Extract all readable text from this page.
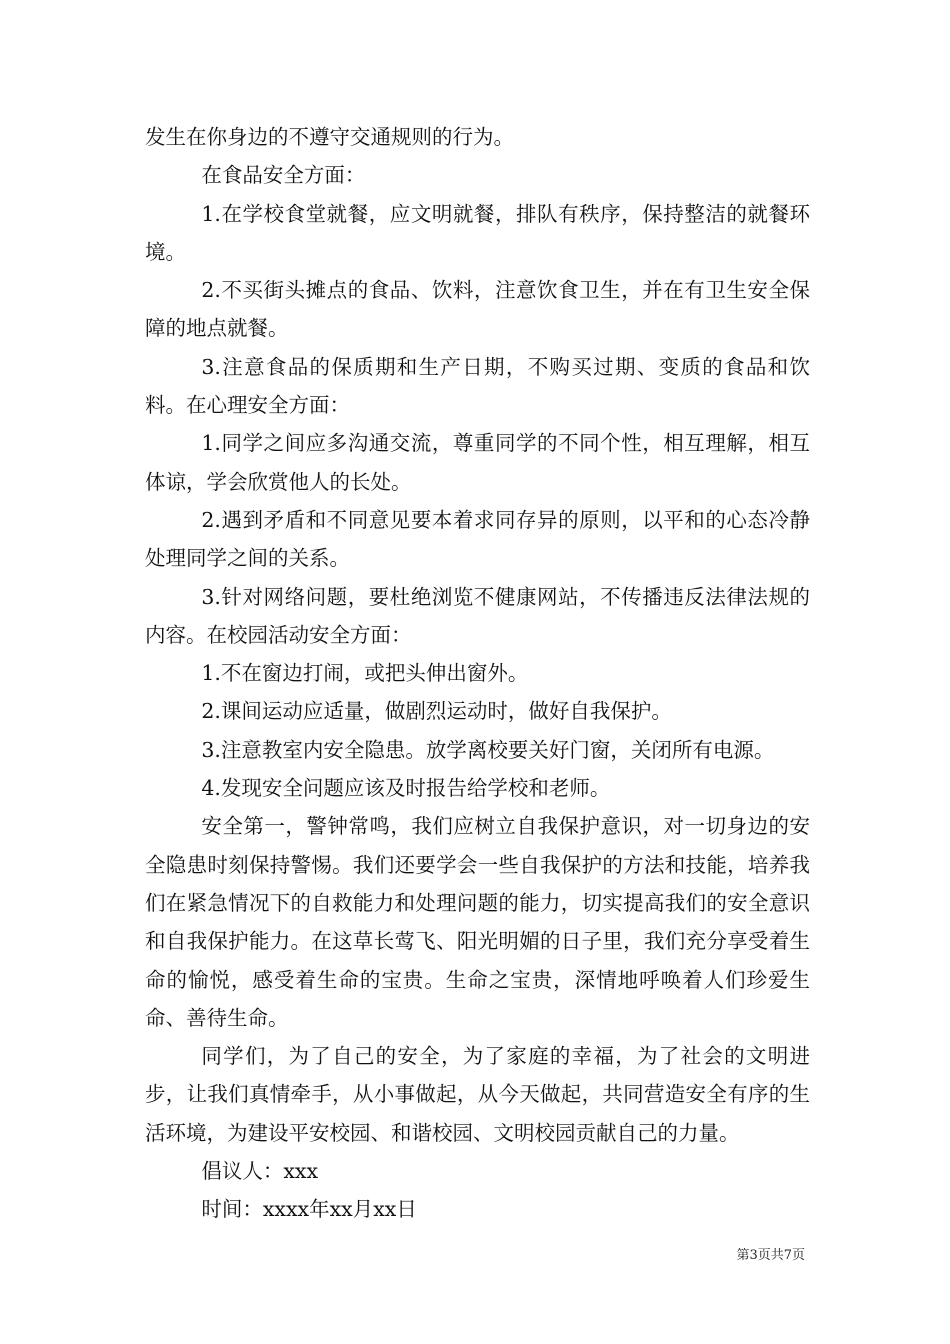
发生在你身边的不遵守交通规则的行为。

在食品安全方面：

1.在学校食堂就餐，应文明就餐，排队有秩序，保持整洁的就餐环境。

2.不买街头摊点的食品、饮料，注意饮食卫生，并在有卫生安全保障的地点就餐。

3.注意食品的保质期和生产日期，不购买过期、变质的食品和饮料。在心理安全方面：

1.同学之间应多沟通交流，尊重同学的不同个性，相互理解，相互体谅，学会欣赏他人的长处。

2.遇到矛盾和不同意见要本着求同存异的原则，以平和的心态冷静处理同学之间的关系。

3.针对网络问题，要杜绝浏览不健康网站，不传播违反法律法规的内容。在校园活动安全方面：

1.不在窗边打闹，或把头伸出窗外。

2.课间运动应适量，做剧烈运动时，做好自我保护。

3.注意教室内安全隐患。放学离校要关好门窗，关闭所有电源。

4.发现安全问题应该及时报告给学校和老师。

安全第一，警钟常鸣，我们应树立自我保护意识，对一切身边的安全隐患时刻保持警惕。我们还要学会一些自我保护的方法和技能，培养我们在紧急情况下的自救能力和处理问题的能力，切实提高我们的安全意识和自我保护能力。在这草长莺飞、阳光明媚的日子里，我们充分享受着生命的愉悦，感受着生命的宝贵。生命之宝贵，深情地呼唤着人们珍爱生命、善待生命。

同学们，为了自己的安全，为了家庭的幸福，为了社会的文明进步，让我们真情牵手，从小事做起，从今天做起，共同营造安全有序的生活环境，为建设平安校园、和谐校园、文明校园贡献自己的力量。

倡议人：xxx

时间：xxxx年xx月xx日

第3页共7页
